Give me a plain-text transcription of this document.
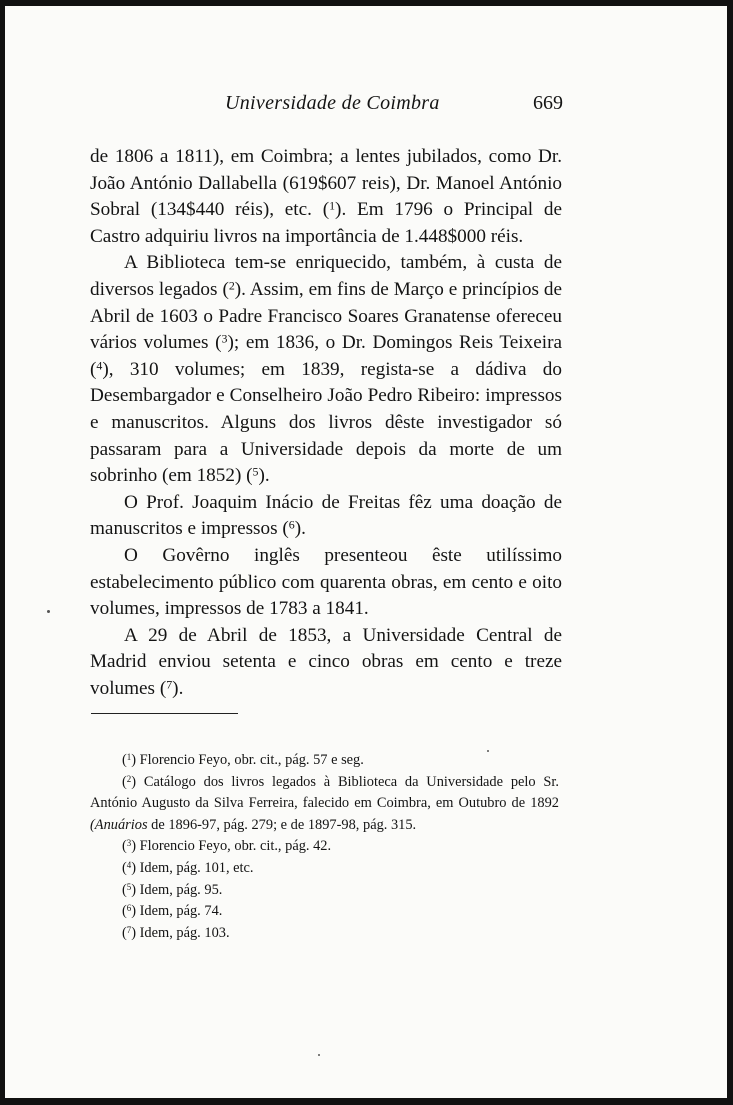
Universidade de Coimbra	669

de 1806 a 1811), em Coimbra; a lentes jubilados, como Dr. João António Dallabella (619$607 reis), Dr. Manoel António Sobral (134$440 réis), etc. ($^1$). Em 1796 o Principal de Castro adquiriu livros na importância de 1.448$000 réis.

A Biblioteca tem-se enriquecido, também, à custa de diversos legados ($^2$). Assim, em fins de Março e princípios de Abril de 1603 o Padre Francisco Soares Granatense ofereceu vários volumes ($^3$); em 1836, o Dr. Domingos Reis Teixeira ($^4$), 310 volumes; em 1839, regista-se a dádiva do Desembargador e Conselheiro João Pedro Ribeiro: impressos e manuscritos. Alguns dos livros dêste investigador só passaram para a Universidade depois da morte de um sobrinho (em 1852) ($^5$).

O Prof. Joaquim Inácio de Freitas fêz uma doação de manuscritos e impressos ($^6$).

O Govêrno inglês presenteou êste utilíssimo estabelecimento público com quarenta obras, em cento e oito volumes, impressos de 1783 a 1841.

A 29 de Abril de 1853, a Universidade Central de Madrid enviou setenta e cinco obras em cento e treze volumes ($^7$).

($^1$) Florencio Feyo, obr. cit., pág. 57 e seg.

($^2$) Catálogo dos livros legados à Biblioteca da Universidade pelo Sr. António Augusto da Silva Ferreira, falecido em Coimbra, em Outubro de 1892 (Anuários de 1896-97, pág. 279; e de 1897-98, pág. 315.

($^3$) Florencio Feyo, obr. cit., pág. 42.

($^4$) Idem, pág. 101, etc.

($^5$) Idem, pág. 95.

($^6$) Idem, pág. 74.

($^7$) Idem, pág. 103.
